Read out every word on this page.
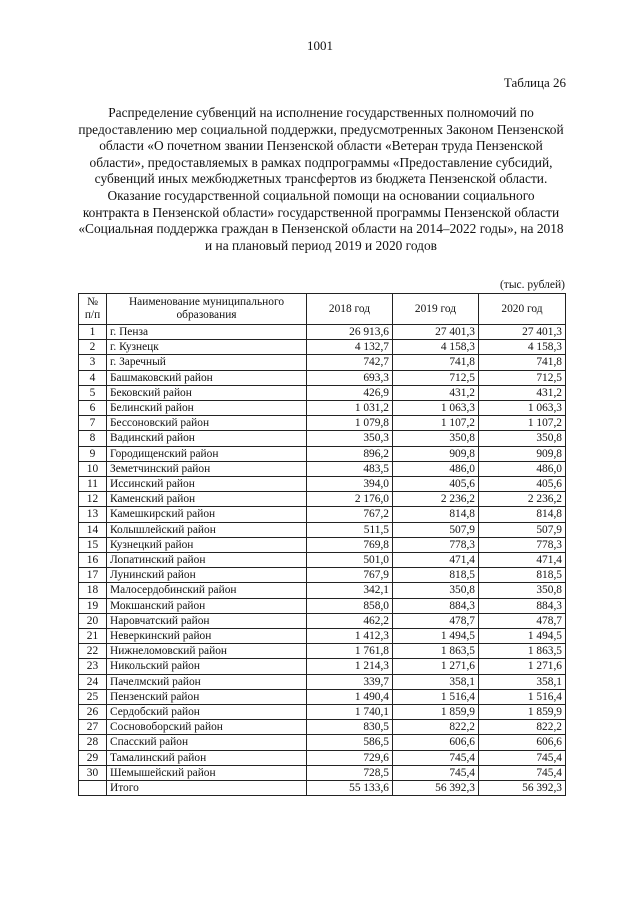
1001
Таблица 26
Распределение субвенций на исполнение государственных полномочий по предоставлению мер социальной поддержки, предусмотренных Законом Пензенской области «О почетном звании Пензенской области «Ветеран труда Пензенской области», предоставляемых в рамках подпрограммы «Предоставление субсидий, субвенций иных межбюджетных трансфертов из бюджета Пензенской области. Оказание государственной социальной помощи на основании социального контракта в Пензенской области» государственной программы Пензенской области «Социальная поддержка граждан в Пензенской области на 2014–2022 годы», на 2018 и на плановый период 2019 и 2020 годов
(тыс. рублей)
№ п/п	Наименование муниципального образования	2018 год	2019 год	2020 год
1	г. Пенза	26 913,6	27 401,3	27 401,3
2	г. Кузнецк	4 132,7	4 158,3	4 158,3
3	г. Заречный	742,7	741,8	741,8
4	Башмаковский район	693,3	712,5	712,5
5	Бековский район	426,9	431,2	431,2
6	Белинский район	1 031,2	1 063,3	1 063,3
7	Бессоновский район	1 079,8	1 107,2	1 107,2
8	Вадинский район	350,3	350,8	350,8
9	Городищенский район	896,2	909,8	909,8
10	Земетчинский район	483,5	486,0	486,0
11	Иссинский район	394,0	405,6	405,6
12	Каменский район	2 176,0	2 236,2	2 236,2
13	Камешкирский район	767,2	814,8	814,8
14	Колышлейский район	511,5	507,9	507,9
15	Кузнецкий район	769,8	778,3	778,3
16	Лопатинский район	501,0	471,4	471,4
17	Лунинский район	767,9	818,5	818,5
18	Малосердобинский район	342,1	350,8	350,8
19	Мокшанский район	858,0	884,3	884,3
20	Наровчатский район	462,2	478,7	478,7
21	Неверкинский район	1 412,3	1 494,5	1 494,5
22	Нижнеломовский район	1 761,8	1 863,5	1 863,5
23	Никольский район	1 214,3	1 271,6	1 271,6
24	Пачелмский район	339,7	358,1	358,1
25	Пензенский район	1 490,4	1 516,4	1 516,4
26	Сердобский район	1 740,1	1 859,9	1 859,9
27	Сосновоборский район	830,5	822,2	822,2
28	Спасский район	586,5	606,6	606,6
29	Тамалинский район	729,6	745,4	745,4
30	Шемышейский район	728,5	745,4	745,4
	Итого	55 133,6	56 392,3	56 392,3
